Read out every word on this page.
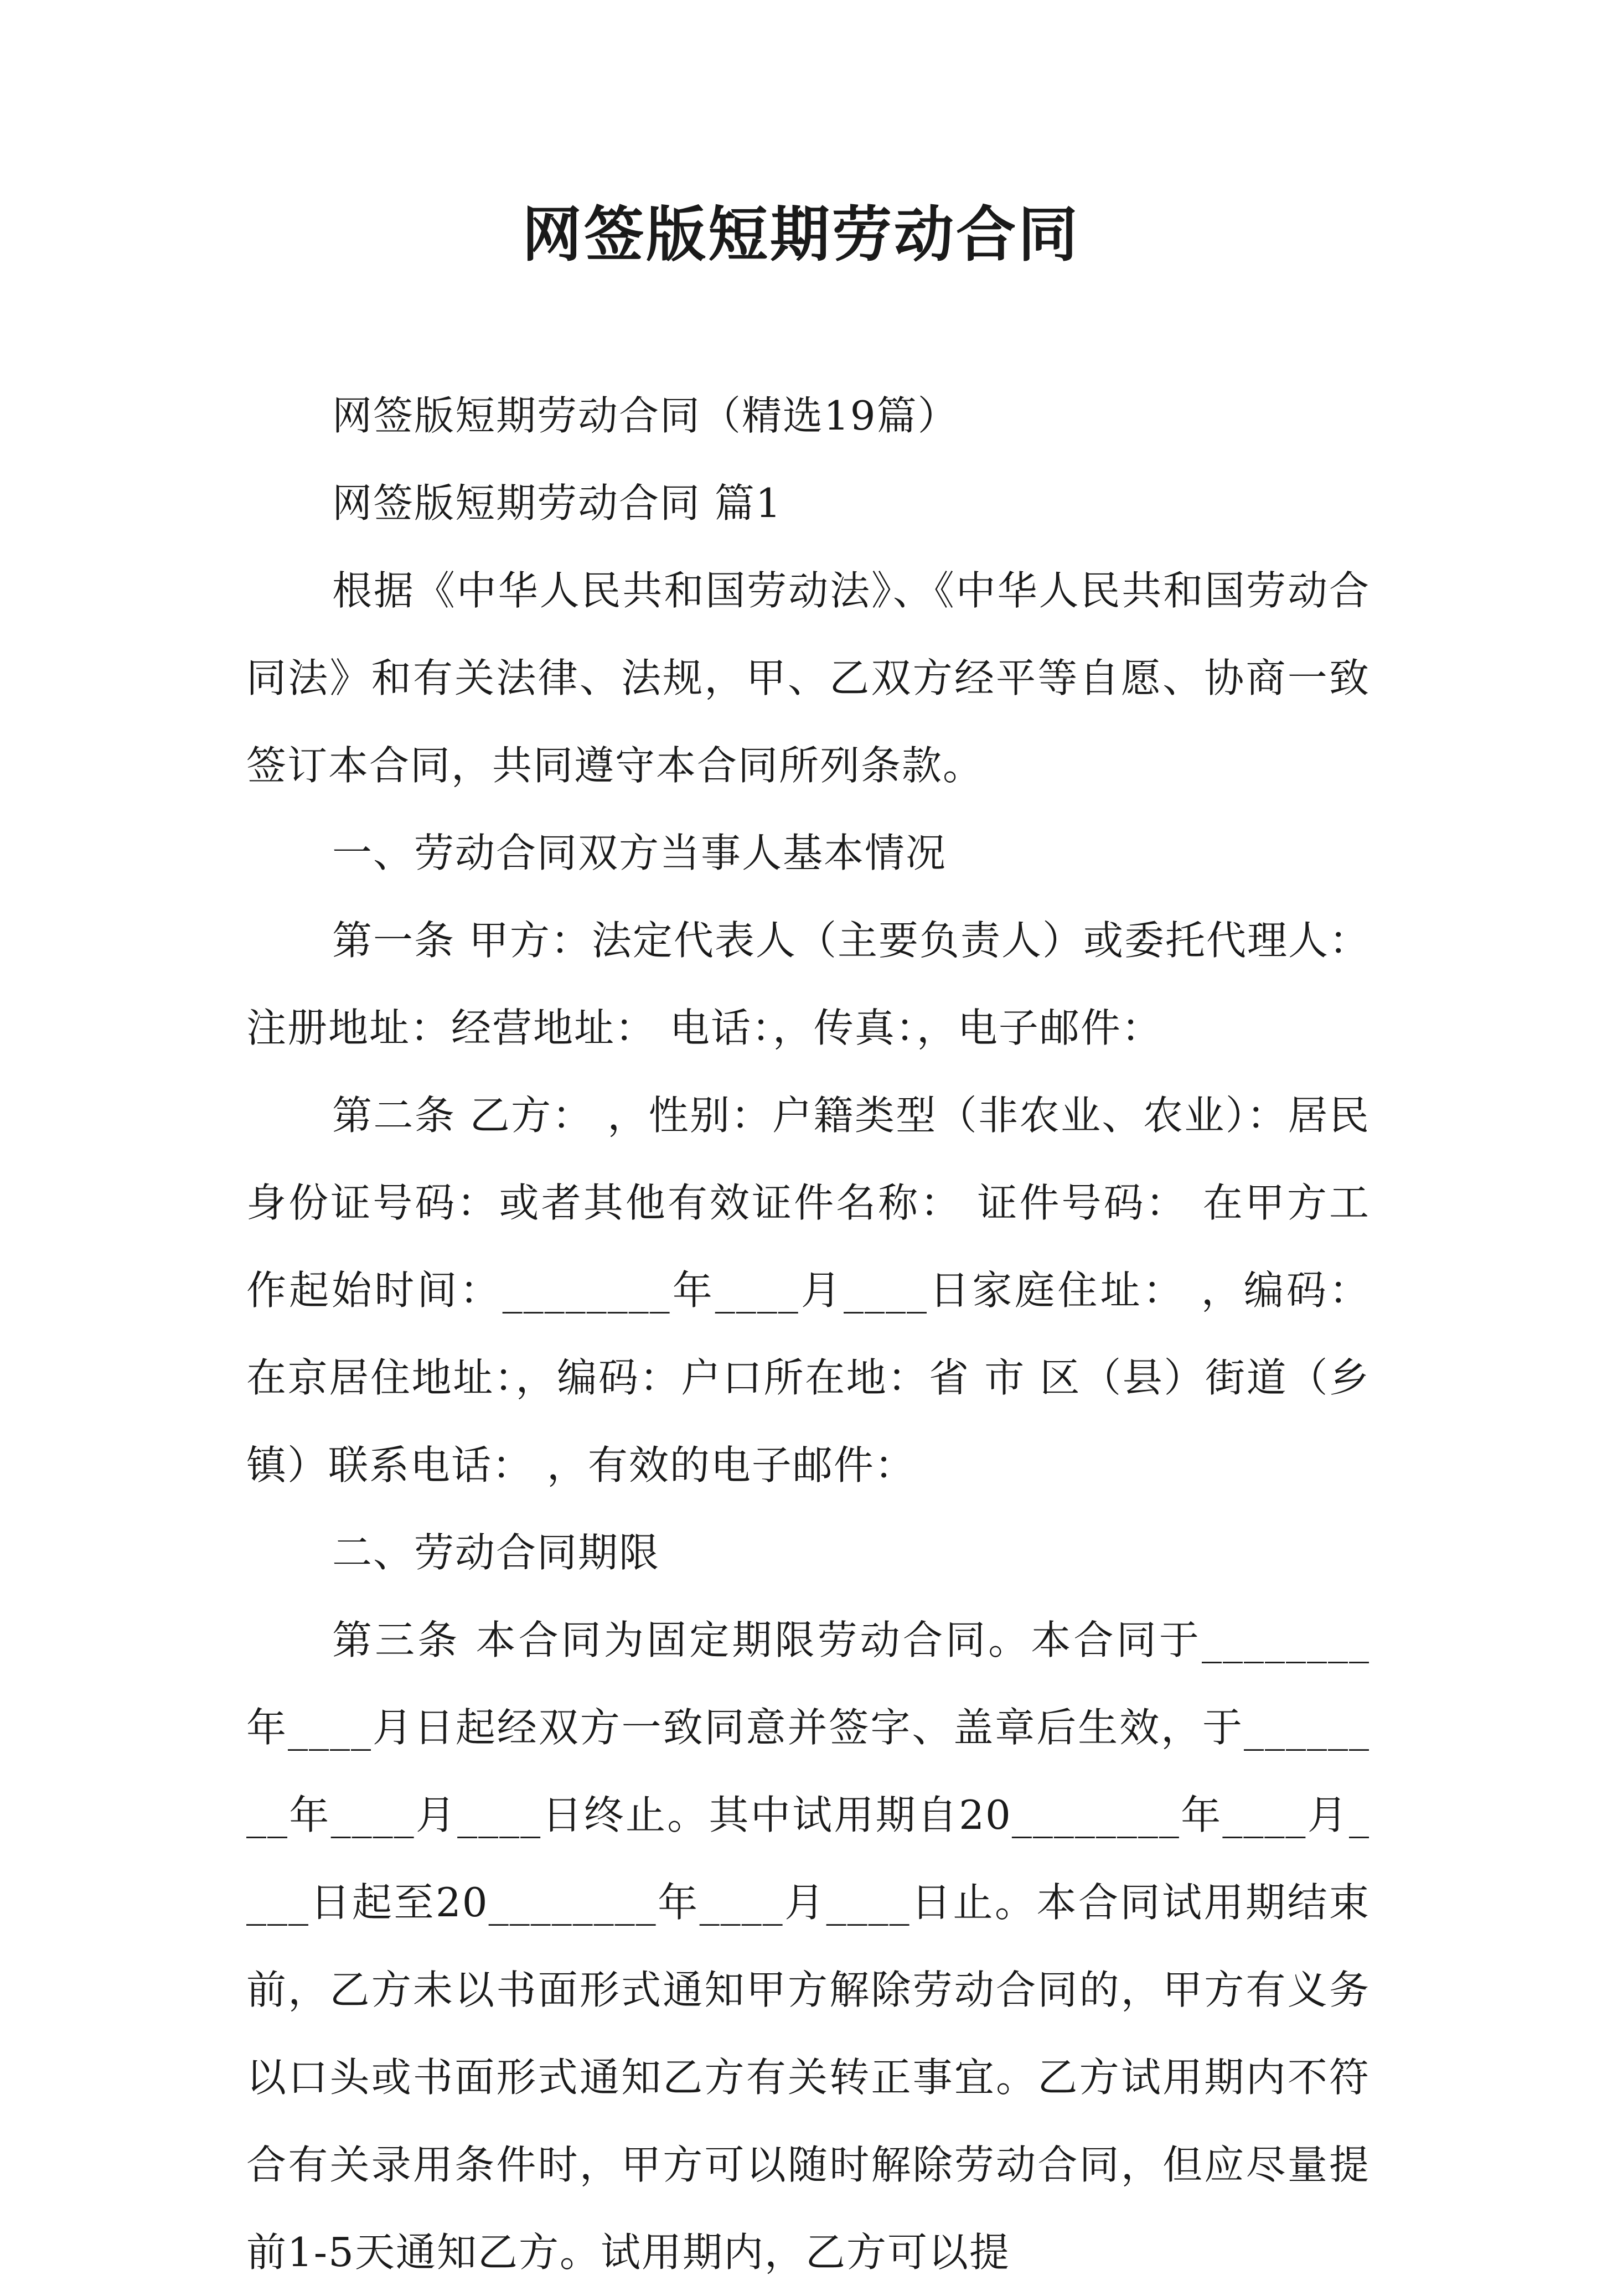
网签版短期劳动合同

网签版短期劳动合同（精选19篇）

网签版短期劳动合同 篇1

根据《中华人民共和国劳动法》、《中华人民共和国劳动合同法》和有关法律、法规，甲、乙双方经平等自愿、协商一致签订本合同，共同遵守本合同所列条款。

一、劳动合同双方当事人基本情况

第一条 甲方：法定代表人（主要负责人）或委托代理人： 注册地址：经营地址： 电话：，传真：，电子邮件：

第二条 乙方： ，性别：户籍类型（非农业、农业）：居民身份证号码：或者其他有效证件名称： 证件号码： 在甲方工作起始时间：________年____月____日家庭住址： ，编码：在京居住地址：，编码：户口所在地：省 市 区（县）街道（乡镇）联系电话： ，有效的电子邮件：

二、劳动合同期限

第三条 本合同为固定期限劳动合同。本合同于________年____月日起经双方一致同意并签字、盖章后生效，于________年____月____日终止。其中试用期自20________年____月____日起至20________年____月____日止。本合同试用期结束前，乙方未以书面形式通知甲方解除劳动合同的，甲方有义务以口头或书面形式通知乙方有关转正事宜。乙方试用期内不符合有关录用条件时，甲方可以随时解除劳动合同，但应尽量提前1-5天通知乙方。试用期内，乙方可以提
